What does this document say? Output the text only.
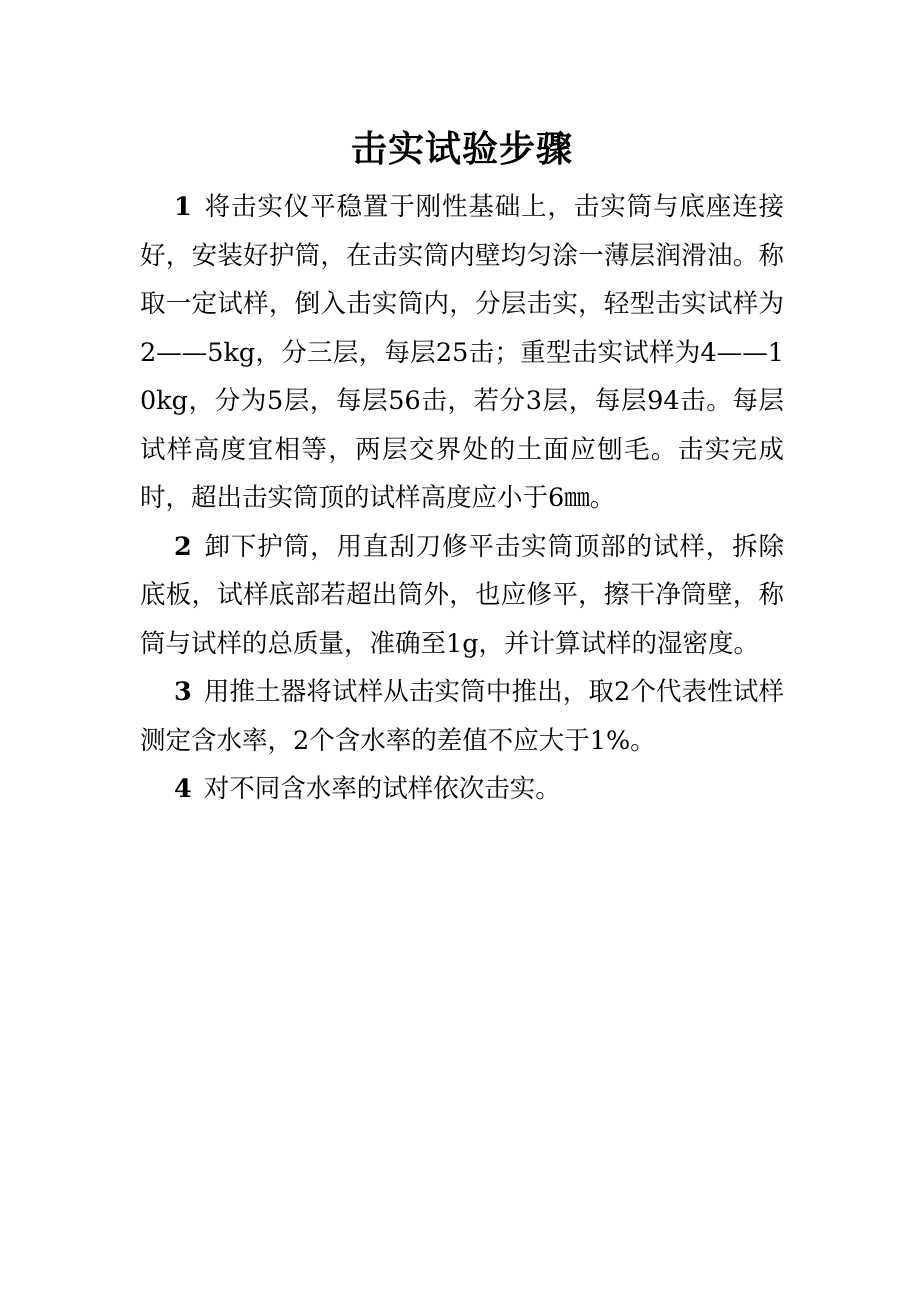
击实试验步骤

1 将击实仪平稳置于刚性基础上，击实筒与底座连接好，安装好护筒，在击实筒内壁均匀涂一薄层润滑油。称取一定试样，倒入击实筒内，分层击实，轻型击实试样为2——5kg，分三层，每层25击；重型击实试样为4——10kg，分为5层，每层56击，若分3层，每层94击。每层试样高度宜相等，两层交界处的土面应刨毛。击实完成时，超出击实筒顶的试样高度应小于6㎜。

2 卸下护筒，用直刮刀修平击实筒顶部的试样，拆除底板，试样底部若超出筒外，也应修平，擦干净筒壁，称筒与试样的总质量，准确至1g，并计算试样的湿密度。

3 用推土器将试样从击实筒中推出，取2个代表性试样测定含水率，2个含水率的差值不应大于1%。

4 对不同含水率的试样依次击实。
